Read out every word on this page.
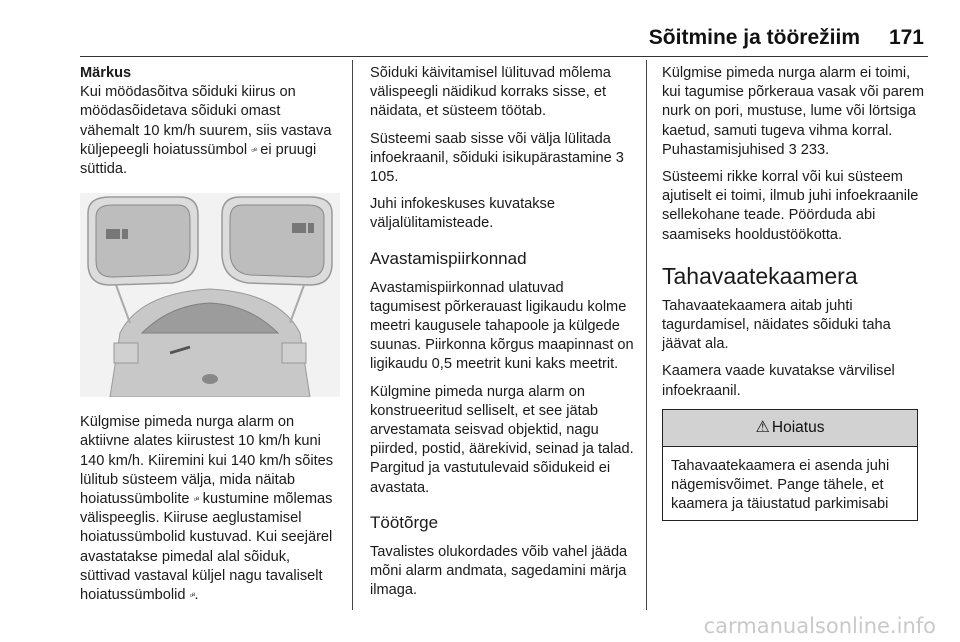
Sõitmine ja töörežiim 171

Märkus

Kui möödasõitva sõiduki kiirus on möödasõidetava sõiduki omast vähemalt 10 km/h suurem, siis vastava küljepeegli hoiatussümbol ▫︎⁸ ei pruugi süttida.

Külgmise pimeda nurga alarm on aktiivne alates kiirustest 10 km/h kuni 140 km/h. Kiiremini kui 140 km/h sõites lülitub süsteem välja, mida näitab hoiatussümbolite ▫︎⁸ kustumine mõlemas välispeeglis. Kiiruse aeglustamisel hoiatussümbolid kustuvad. Kui seejärel avastatakse pimedal alal sõiduk, süttivad vastaval küljel nagu tavaliselt hoiatussümbolid ▫︎⁸.

Sõiduki käivitamisel lülituvad mõlema välispeegli näidikud korraks sisse, et näidata, et süsteem töötab.

Süsteemi saab sisse või välja lülitada infoekraanil, sõiduki isikupärastamine 3 105.

Juhi infokeskuses kuvatakse väljalülitamisteade.

Avastamispiirkonnad

Avastamispiirkonnad ulatuvad tagumisest põrkerauast ligikaudu kolme meetri kaugusele tahapoole ja külgede suunas. Piirkonna kõrgus maapinnast on ligikaudu 0,5 meetrit kuni kaks meetrit.

Külgmine pimeda nurga alarm on konstrueeritud selliselt, et see jätab arvestamata seisvad objektid, nagu piirded, postid, äärekivid, seinad ja talad. Pargitud ja vastutulevaid sõidukeid ei avastata.

Töötõrge

Tavalistes olukordades võib vahel jääda mõni alarm andmata, sagedamini märja ilmaga.

Külgmise pimeda nurga alarm ei toimi, kui tagumise põrkeraua vasak või parem nurk on pori, mustuse, lume või lörtsiga kaetud, samuti tugeva vihma korral.
Puhastamisjuhised 3 233.

Süsteemi rikke korral või kui süsteem ajutiselt ei toimi, ilmub juhi infoekraanile sellekohane teade. Pöörduda abi saamiseks hooldustöökotta.

Tahavaatekaamera

Tahavaatekaamera aitab juhti tagurdamisel, näidates sõiduki taha jäävat ala.

Kaamera vaade kuvatakse värvilisel infoekraanil.

⚠ Hoiatus
Tahavaatekaamera ei asenda juhi nägemisvõimet. Pange tähele, et kaamera ja täiustatud parkimisabi
carmanualsonline.info
